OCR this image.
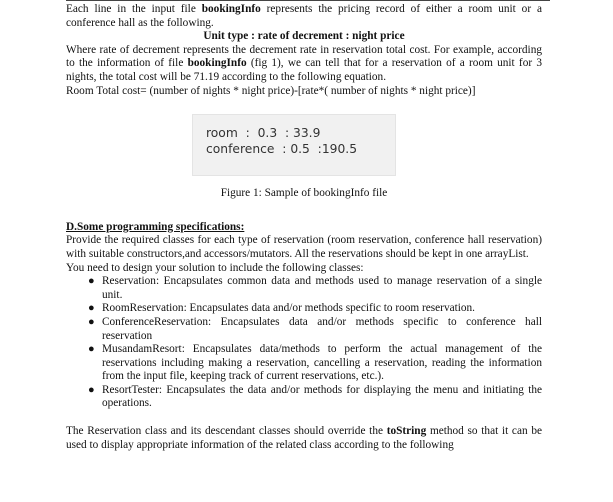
Each line in the input file bookingInfo represents the pricing record of either a room unit or a conference hall as the following.

Unit type : rate of decrement : night price

Where rate of decrement represents the decrement rate in reservation total cost. For example, according to the information of file bookingInfo (fig 1), we can tell that for a reservation of a room unit for 3 nights, the total cost will be 71.19 according to the following equation.

Room Total cost= (number of nights * night price)-[rate*( number of nights * night price)]

room  :  0.3  : 33.9
conference  : 0.5  :190.5

Figure 1: Sample of bookingInfo file

D.Some programming specifications:

Provide the required classes for each type of reservation (room reservation, conference hall reservation) with suitable constructors,and accessors/mutators. All the reservations should be kept in one arrayList.

You need to design your solution to include the following classes:

● Reservation: Encapsulates common data and methods used to manage reservation of a single unit.
● RoomReservation: Encapsulates data and/or methods specific to room reservation.
● ConferenceReservation: Encapsulates data and/or methods specific to conference hall reservation
● MusandamResort: Encapsulates data/methods to perform the actual management of the reservations including making a reservation, cancelling a reservation, reading the information from the input file, keeping track of current reservations, etc.).
● ResortTester: Encapsulates the data and/or methods for displaying the menu and initiating the operations.

The Reservation class and its descendant classes should override the toString method so that it can be used to display appropriate information of the related class according to the following
